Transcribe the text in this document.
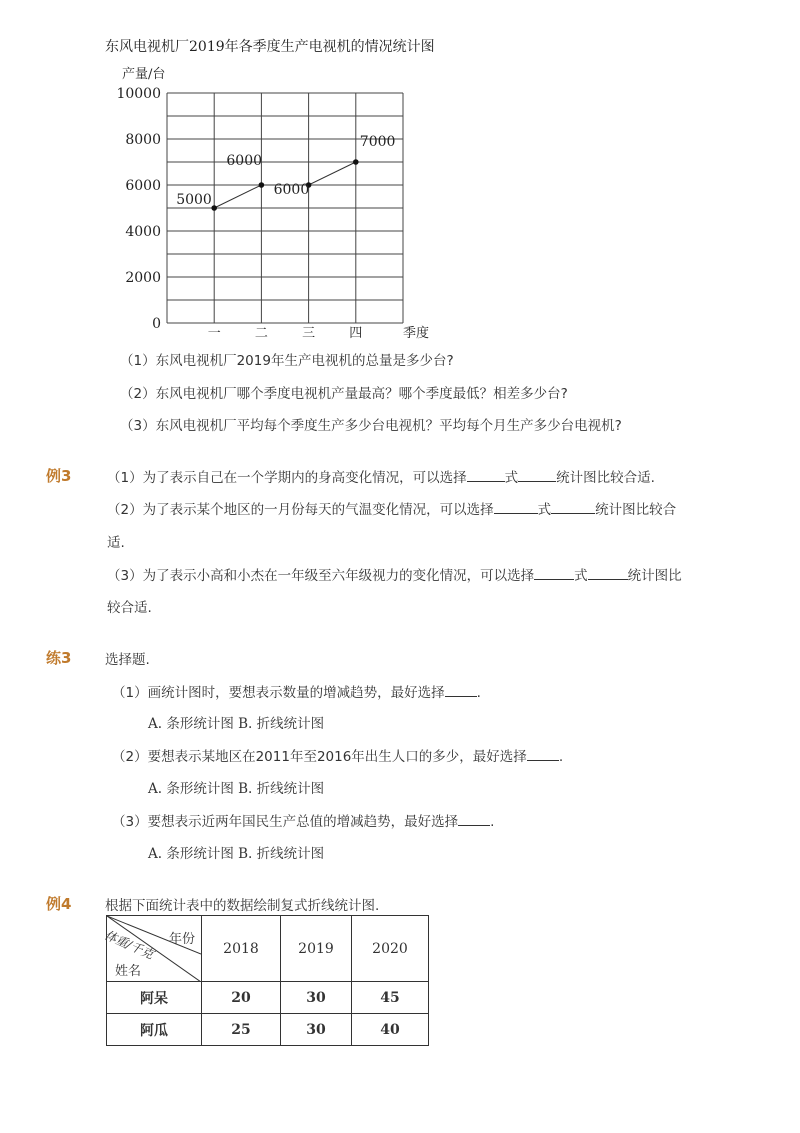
东风电视机厂2019年各季度生产电视机的情况统计图
产量/台
0
2000
4000
6000
8000
10000
一	二	三	四
5000
6000
6000
7000
季度
（1）东风电视机厂2019年生产电视机的总量是多少台?
（2）东风电视机厂哪个季度电视机产量最高？哪个季度最低？相差多少台?
（3）东风电视机厂平均每个季度生产多少台电视机？平均每个月生产多少台电视机?
例3	（1）为了表示自己在一个学期内的身高变化情况，可以选择	式	统计图比较合适.
（2）为了表示某个地区的一月份每天的气温变化情况，可以选择	式	统计图比较合
适.
（3）为了表示小高和小杰在一年级至六年级视力的变化情况，可以选择	式	统计图比
较合适.
练3 选择题.
（1）画统计图时，要想表示数量的增减趋势，最好选择 .
A. 条形统计图 B. 折线统计图
（2）要想表示某地区在2011年至2016年出生人口的多少，最好选择 .
A. 条形统计图 B. 折线统计图
（3）要想表示近两年国民生产总值的增减趋势，最好选择 .
A. 条形统计图 B. 折线统计图
例4 根据下面统计表中的数据绘制复式折线统计图.
年份
体重/千克
姓名	2018	2019	2020
阿呆	20	30	45
阿瓜	25	30	40
